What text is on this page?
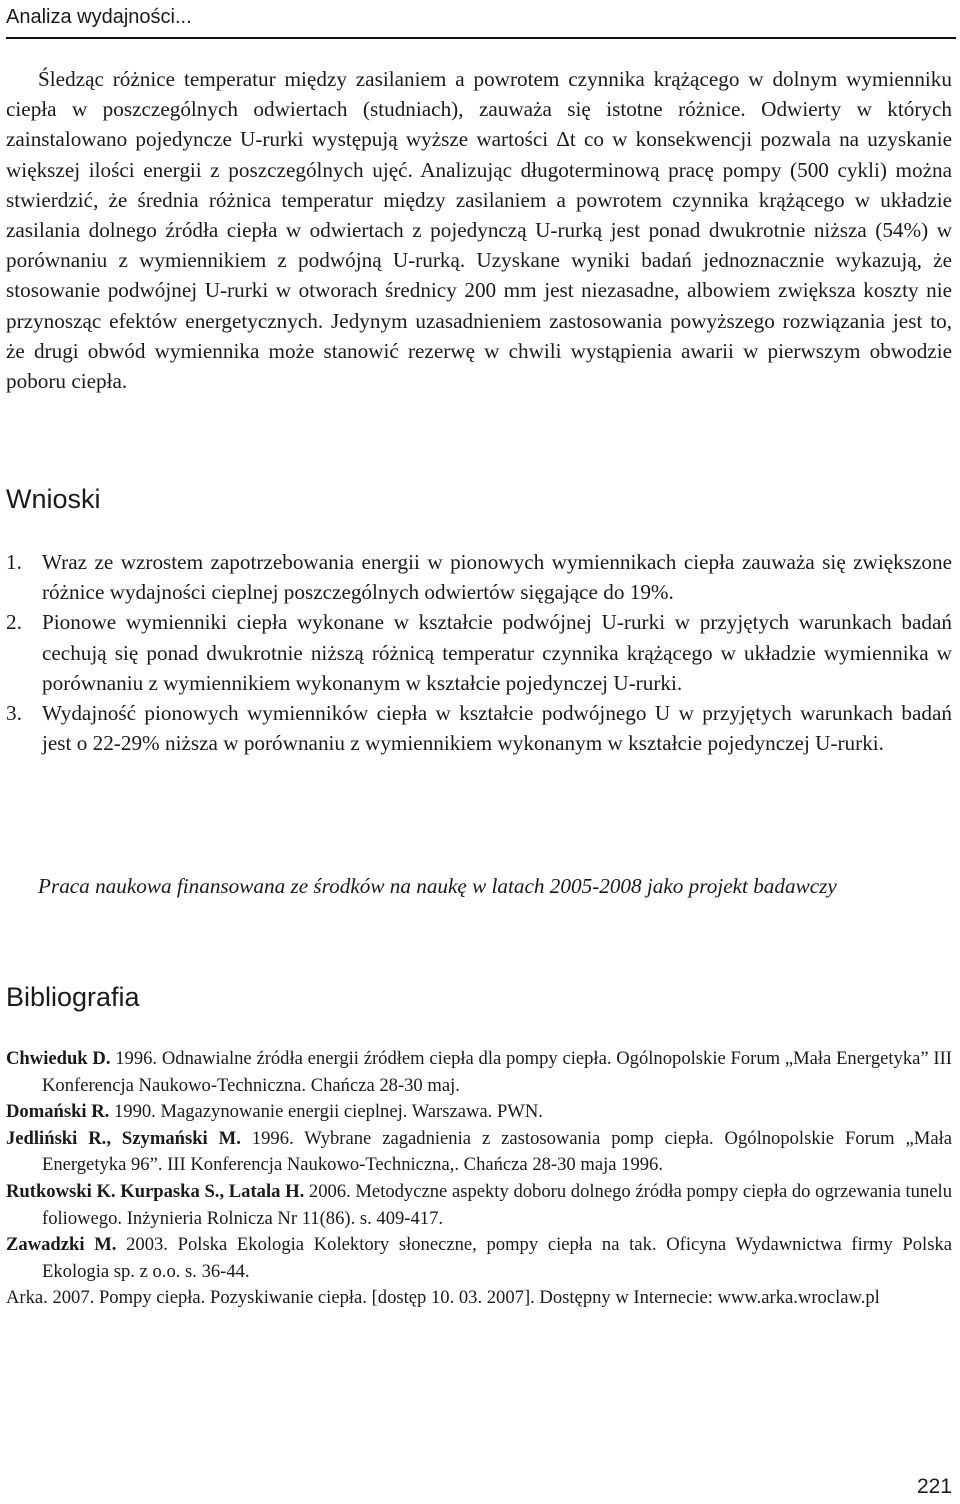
Analiza wydajności...

Śledząc różnice temperatur między zasilaniem a powrotem czynnika krążącego w dolnym wymienniku ciepła w poszczególnych odwiertach (studniach), zauważa się istotne różnice. Odwierty w których zainstalowano pojedyncze U-rurki występują wyższe wartości Δt co w konsekwencji pozwala na uzyskanie większej ilości energii z poszczególnych ujęć. Analizując długoterminową pracę pompy (500 cykli) można stwierdzić, że średnia różnica temperatur między zasilaniem a powrotem czynnika krążącego w układzie zasilania dolnego źródła ciepła w odwiertach z pojedynczą U-rurką jest ponad dwukrotnie niższa (54%) w porównaniu z wymiennikiem z podwójną U-rurką. Uzyskane wyniki badań jednoznacznie wykazują, że stosowanie podwójnej U-rurki w otworach średnicy 200 mm jest niezasadne, albowiem zwiększa koszty nie przynosząc efektów energetycznych. Jedynym uzasadnieniem zastosowania powyższego rozwiązania jest to, że drugi obwód wymiennika może stanowić rezerwę w chwili wystąpienia awarii w pierwszym obwodzie poboru ciepła.

Wnioski
1. Wraz ze wzrostem zapotrzebowania energii w pionowych wymiennikach ciepła zauważa się zwiększone różnice wydajności cieplnej poszczególnych odwiertów sięgające do 19%.
2. Pionowe wymienniki ciepła wykonane w kształcie podwójnej U-rurki w przyjętych warunkach badań cechują się ponad dwukrotnie niższą różnicą temperatur czynnika krążącego w układzie wymiennika w porównaniu z wymiennikiem wykonanym w kształcie pojedynczej U-rurki.
3. Wydajność pionowych wymienników ciepła w kształcie podwójnego U w przyjętych warunkach badań jest o 22-29% niższa w porównaniu z wymiennikiem wykonanym w kształcie pojedynczej U-rurki.

Praca naukowa finansowana ze środków na naukę w latach 2005-2008 jako projekt badawczy

Bibliografia
Chwieduk D. 1996. Odnawialne źródła energii źródłem ciepła dla pompy ciepła. Ogólnopolskie Forum „Mała Energetyka” III Konferencja Naukowo-Techniczna. Chańcza 28-30 maj.
Domański R. 1990. Magazynowanie energii cieplnej. Warszawa. PWN.
Jedliński R., Szymański M. 1996. Wybrane zagadnienia z zastosowania pomp ciepła. Ogólnopolskie Forum „Mała Energetyka 96”. III Konferencja Naukowo-Techniczna,. Chańcza 28-30 maja 1996.
Rutkowski K. Kurpaska S., Latala H. 2006. Metodyczne aspekty doboru dolnego źródła pompy ciepła do ogrzewania tunelu foliowego. Inżynieria Rolnicza Nr 11(86). s. 409-417.
Zawadzki M. 2003. Polska Ekologia Kolektory słoneczne, pompy ciepła na tak. Oficyna Wydawnictwa firmy Polska Ekologia sp. z o.o. s. 36-44.
Arka. 2007. Pompy ciepła. Pozyskiwanie ciepła. [dostęp 10. 03. 2007]. Dostępny w Internecie: www.arka.wroclaw.pl
221
